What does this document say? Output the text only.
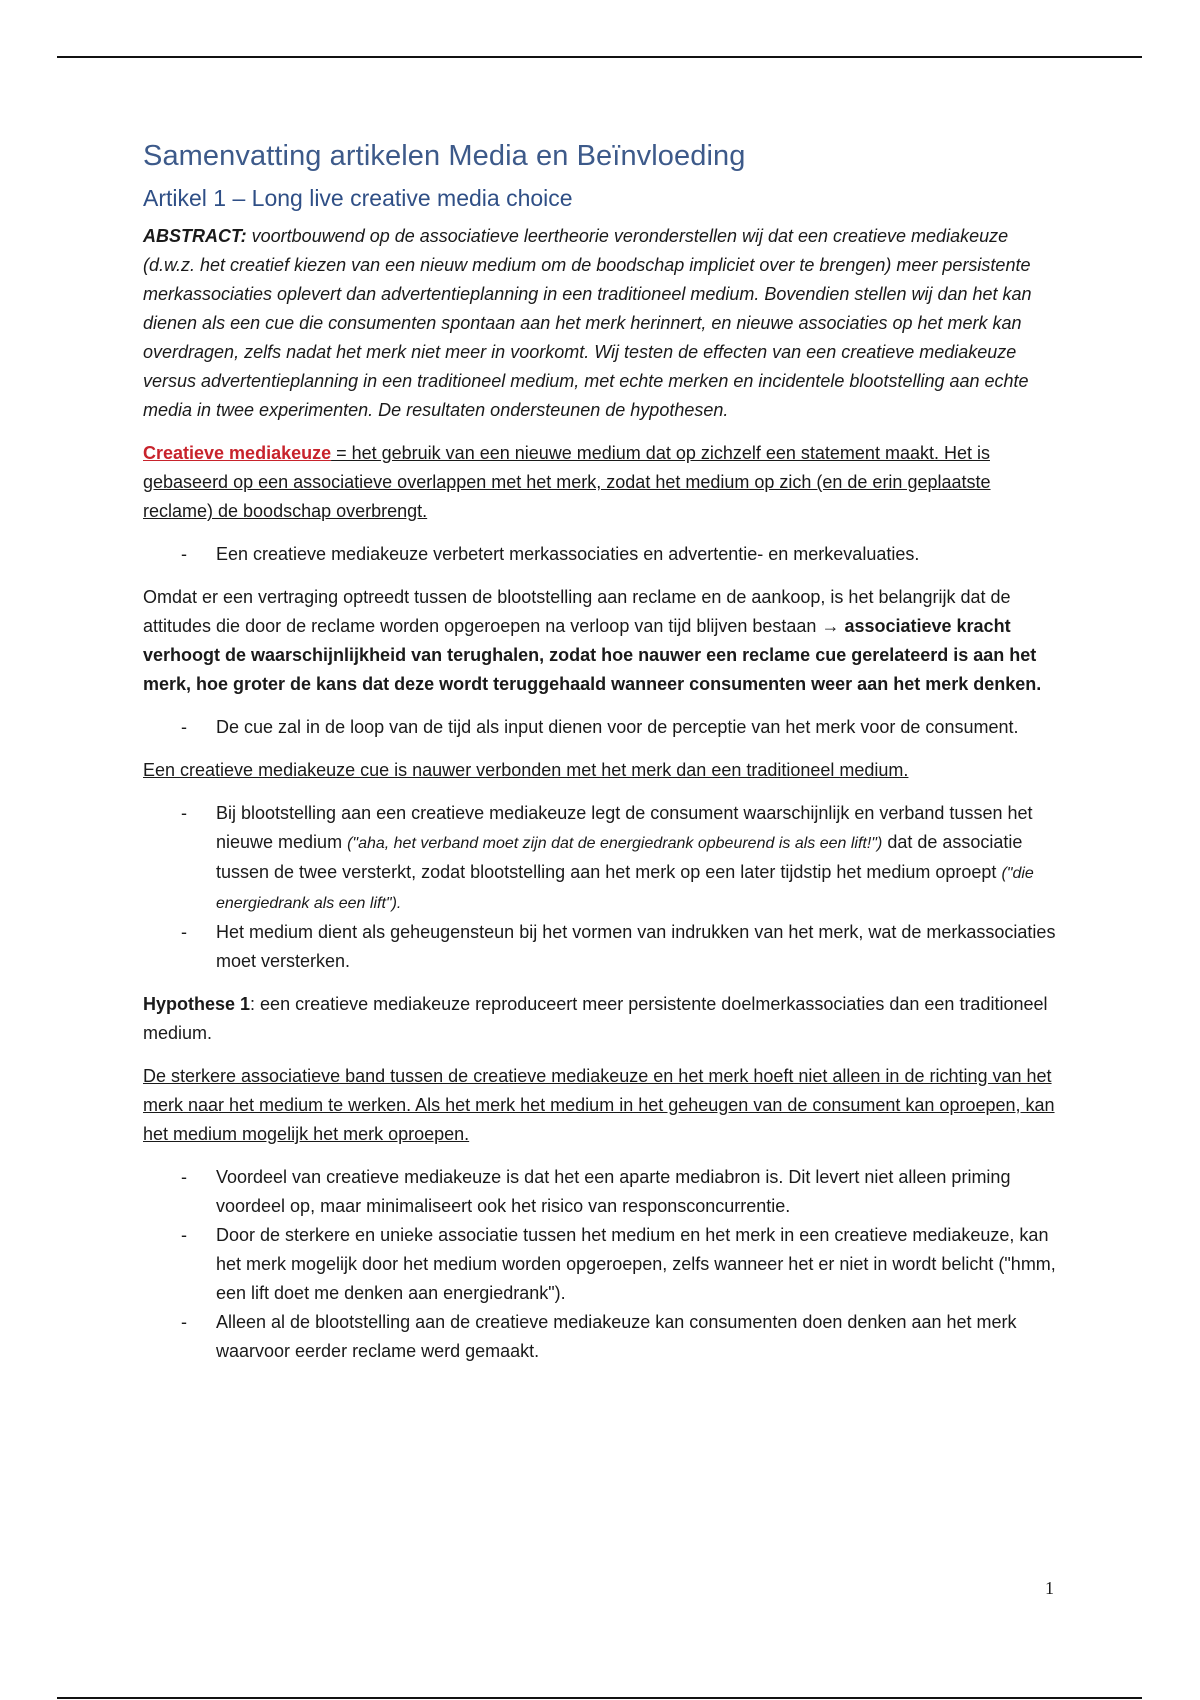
Samenvatting artikelen Media en Beïnvloeding
Artikel 1 – Long live creative media choice

ABSTRACT: voortbouwend op de associatieve leertheorie veronderstellen wij dat een creatieve mediakeuze (d.w.z. het creatief kiezen van een nieuw medium om de boodschap impliciet over te brengen) meer persistente merkassociaties oplevert dan advertentieplanning in een traditioneel medium. Bovendien stellen wij dan het kan dienen als een cue die consumenten spontaan aan het merk herinnert, en nieuwe associaties op het merk kan overdragen, zelfs nadat het merk niet meer in voorkomt. Wij testen de effecten van een creatieve mediakeuze versus advertentieplanning in een traditioneel medium, met echte merken en incidentele blootstelling aan echte media in twee experimenten. De resultaten ondersteunen de hypothesen.

Creatieve mediakeuze = het gebruik van een nieuwe medium dat op zichzelf een statement maakt. Het is gebaseerd op een associatieve overlappen met het merk, zodat het medium op zich (en de erin geplaatste reclame) de boodschap overbrengt.

- Een creatieve mediakeuze verbetert merkassociaties en advertentie- en merkevaluaties.

Omdat er een vertraging optreedt tussen de blootstelling aan reclame en de aankoop, is het belangrijk dat de attitudes die door de reclame worden opgeroepen na verloop van tijd blijven bestaan → associatieve kracht verhoogt de waarschijnlijkheid van terughalen, zodat hoe nauwer een reclame cue gerelateerd is aan het merk, hoe groter de kans dat deze wordt teruggehaald wanneer consumenten weer aan het merk denken.

- De cue zal in de loop van de tijd als input dienen voor de perceptie van het merk voor de consument.

Een creatieve mediakeuze cue is nauwer verbonden met het merk dan een traditioneel medium.

- Bij blootstelling aan een creatieve mediakeuze legt de consument waarschijnlijk en verband tussen het nieuwe medium ("aha, het verband moet zijn dat de energiedrank opbeurend is als een lift!") dat de associatie tussen de twee versterkt, zodat blootstelling aan het merk op een later tijdstip het medium oproept ("die energiedrank als een lift").
- Het medium dient als geheugensteun bij het vormen van indrukken van het merk, wat de merkassociaties moet versterken.

Hypothese 1: een creatieve mediakeuze reproduceert meer persistente doelmerkassociaties dan een traditioneel medium.

De sterkere associatieve band tussen de creatieve mediakeuze en het merk hoeft niet alleen in de richting van het merk naar het medium te werken. Als het merk het medium in het geheugen van de consument kan oproepen, kan het medium mogelijk het merk oproepen.

- Voordeel van creatieve mediakeuze is dat het een aparte mediabron is. Dit levert niet alleen priming voordeel op, maar minimaliseert ook het risico van responsconcurrentie.
- Door de sterkere en unieke associatie tussen het medium en het merk in een creatieve mediakeuze, kan het merk mogelijk door het medium worden opgeroepen, zelfs wanneer het er niet in wordt belicht ("hmm, een lift doet me denken aan energiedrank").
- Alleen al de blootstelling aan de creatieve mediakeuze kan consumenten doen denken aan het merk waarvoor eerder reclame werd gemaakt.
1
